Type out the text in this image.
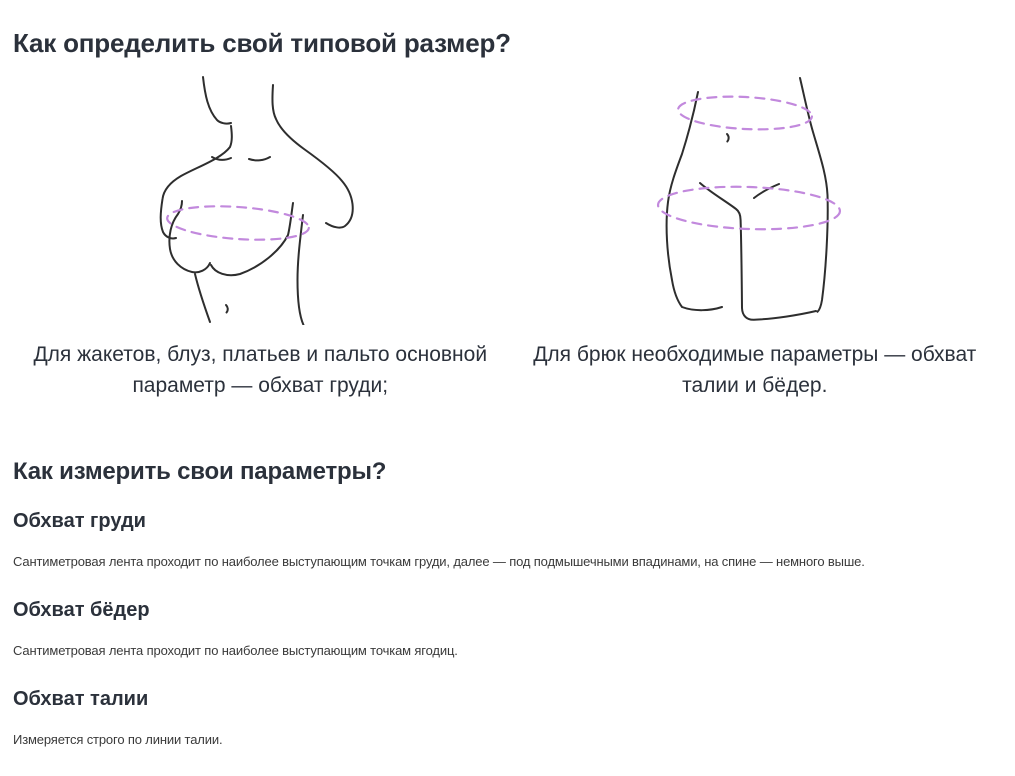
Как определить свой типовой размер?
Для жакетов, блуз, платьев и пальто основной параметр — обхват груди;
Для брюк необходимые параметры — обхват талии и бёдер.
Как измерить свои параметры?
Обхват груди

Сантиметровая лента проходит по наиболее выступающим точкам груди, далее — под подмышечными впадинами, на спине — немного выше.

Обхват бёдер

Сантиметровая лента проходит по наиболее выступающим точкам ягодиц.

Обхват талии

Измеряется строго по линии талии.
